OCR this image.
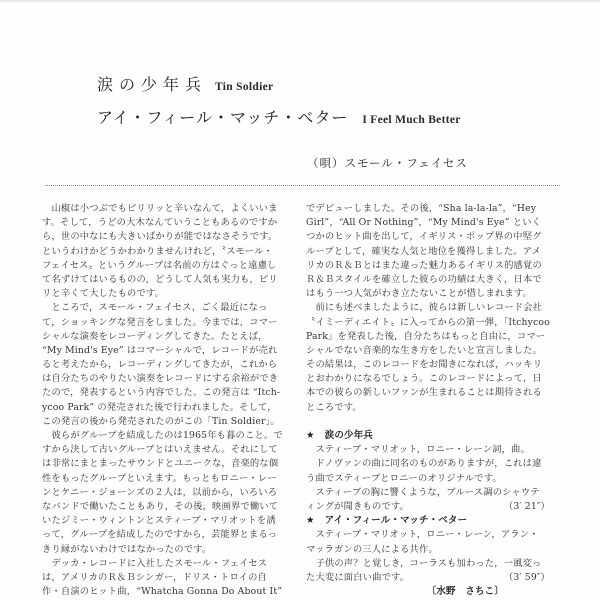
涙の少年兵 Tin Soldier
アイ・フィール・マッチ・ベター I Feel Much Better
（唄）スモール・フェイセス
　山椒は小つぶでもピリリッと辛いなんて，よくいいま
す。そして，うどの大木なんていうこともあるのですか
ら，世の中なにも大きいばかりが能ではなさそうです。
というわけかどうかわかりませんけれど，〝スモール・
フェイセス〟というグループは名前の方はぐっと遠慮し
て名ずけてはいるものの，どうして人気も実力も，ピリ
リと辛くて大したものです。
　ところで，スモール・フェイセス，ごく最近になっ
て，ショッキングな発言をしました。今までは，コマー
シャルな演奏をレコーディングしてきた。たとえば，
“My Mind's Eye” はコマーシャルで，レコードが売れ
ると考えたから，レコーディングしてきたが，これから
は自分たちのやりたい演奏をレコードにする余裕ができ
たので，発表するという内容でした。この発言は “Itch-
ycoo Park” の発売された後で行われました。そして，
この発言の後から発売されたのがこの「Tin Soldier」。
　彼らがグループを結成したのは1965年も暮のこと。で
すから決して古いグループとはいえません。それにして
は非常にまとまったサウンドとユニークな，音楽的な個
性をもったグループといえます。もっともロニー・レー
ンとケニー・ジョーンズの２人は，以前から，いろいろ
なバンドで働いたこともあり，その後，映画界で働いて
いたジミー・ウィントンとスティーブ・マリオットを誘
って，グループを結成したのですから，芸能界とまるっ
きり縁がないわけではなかったのです。
　デッカ・レコードに入社したスモール・フェイセス
は，アメリカのＲ＆Ｂシンガー，ドリス・トロイの自
作・自演のヒット曲，“Whatcha Gonna Do About It”
でデビューしました。その後，“Sha la-la-la”，“Hey
Girl”，“All Or Nothing”，“My Mind's Eye” といく
つかのヒット曲を出して，イギリス・ポップ界の中堅グ
ループとして，確実な人気と地位を獲得しました。アメ
リカのＲ＆Ｂとはまた違った魅力あるイギリス的感覚の
Ｒ＆Ｂスタイルを確立した彼らの功績は大きく，日本で
はもう一つ人気がわき立たないことが惜しまれます。
　前にも述べましたように，彼らは新しいレコード会社
〝イミーディエイト〟に入ってからの第一弾，「Itchycoo
Park」を発表した後，自分たちはもっと自由に，コマー
シャルでない音楽的な生き方をしたいと宣言しました。
その結果は，このレコードをお聞きになれば，ハッキリ
とおわかりになるでしょう。このレコードによって，日
本での彼らの新しいファンが生まれることは期待される
ところです。
★ 涙の少年兵
　スティーブ・マリオット，ロニー・レーン詞，曲。
　ドノヴァンの曲に同名のものがありますが，これは違
う曲でスティーブとロニーのオリジナルです。
　スティーブの胸に響くような，ブルース調のシャウテ
ィングが聞きものです。	（3′ 21″）
★ アイ・フィール・マッチ・ベター
　スティーブ・マリオット，ロニー・レーン，アラン・
マッラガンの三人による共作。
　子供の声？と覚しき，コーラスも加わった，一風変っ
た大変に面白い曲です。	（3′ 59″）
〔水野　さちこ〕
